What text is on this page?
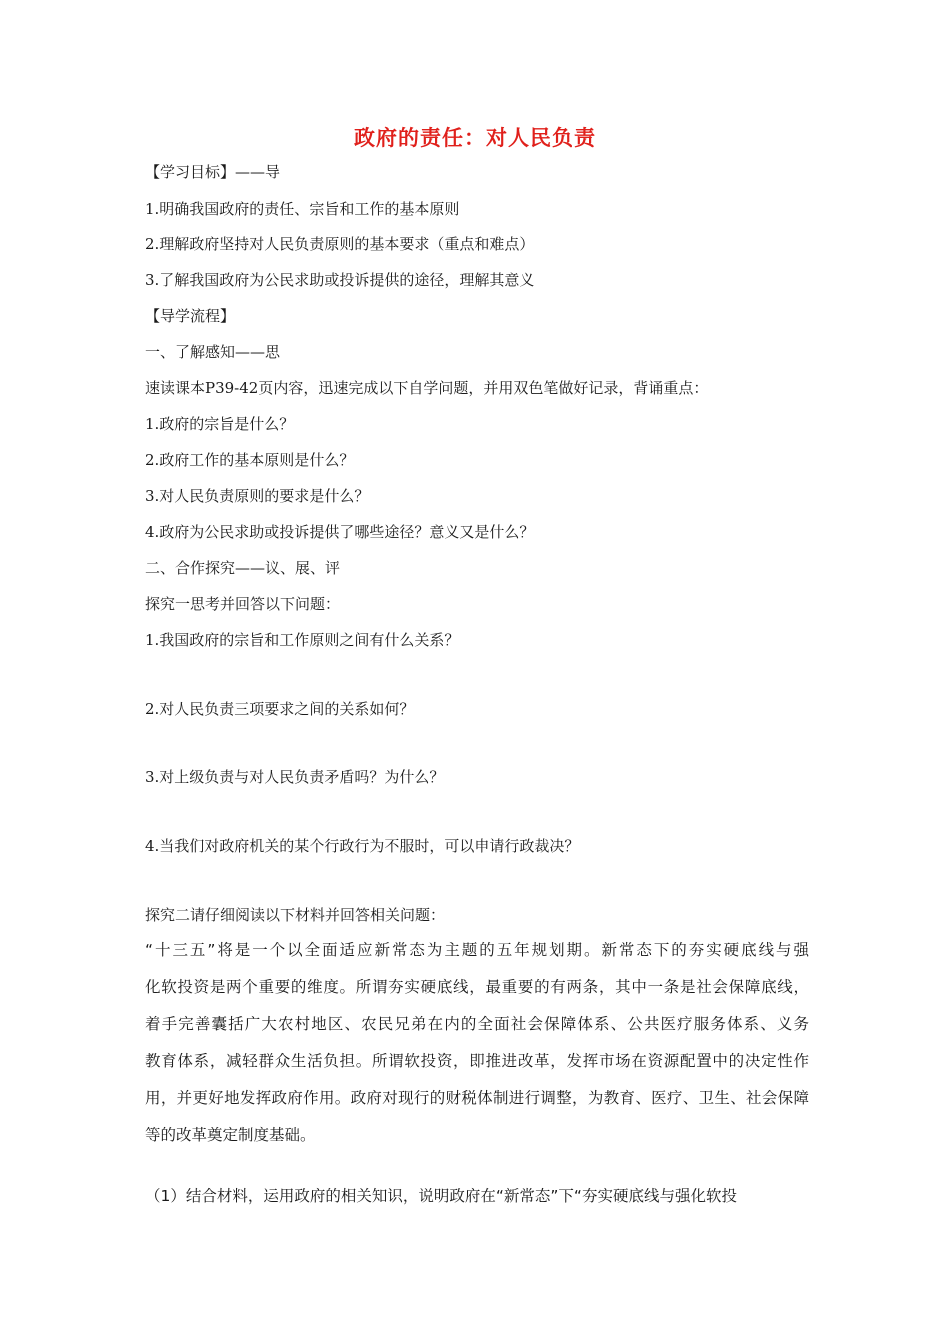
政府的责任：对人民负责
【学习目标】——导
1.明确我国政府的责任、宗旨和工作的基本原则
2.理解政府坚持对人民负责原则的基本要求（重点和难点）
3.了解我国政府为公民求助或投诉提供的途径，理解其意义
【导学流程】
一、了解感知——思
速读课本P39-42页内容，迅速完成以下自学问题，并用双色笔做好记录，背诵重点：
1.政府的宗旨是什么？
2.政府工作的基本原则是什么？
3.对人民负责原则的要求是什么？
4.政府为公民求助或投诉提供了哪些途径？意义又是什么？
二、合作探究——议、展、评
探究一思考并回答以下问题：
1.我国政府的宗旨和工作原则之间有什么关系？
2.对人民负责三项要求之间的关系如何？
3.对上级负责与对人民负责矛盾吗？为什么？
4.当我们对政府机关的某个行政行为不服时，可以申请行政裁决？
探究二请仔细阅读以下材料并回答相关问题：
“十三五”将是一个以全面适应新常态为主题的五年规划期。新常态下的夯实硬底线与强
化软投资是两个重要的维度。所谓夯实硬底线，最重要的有两条，其中一条是社会保障底线，
着手完善囊括广大农村地区、农民兄弟在内的全面社会保障体系、公共医疗服务体系、义务
教育体系，减轻群众生活负担。所谓软投资，即推进改革，发挥市场在资源配置中的决定性作
用，并更好地发挥政府作用。政府对现行的财税体制进行调整，为教育、医疗、卫生、社会保障
等的改革奠定制度基础。
（1）结合材料，运用政府的相关知识，说明政府在“新常态”下“夯实硬底线与强化软投
